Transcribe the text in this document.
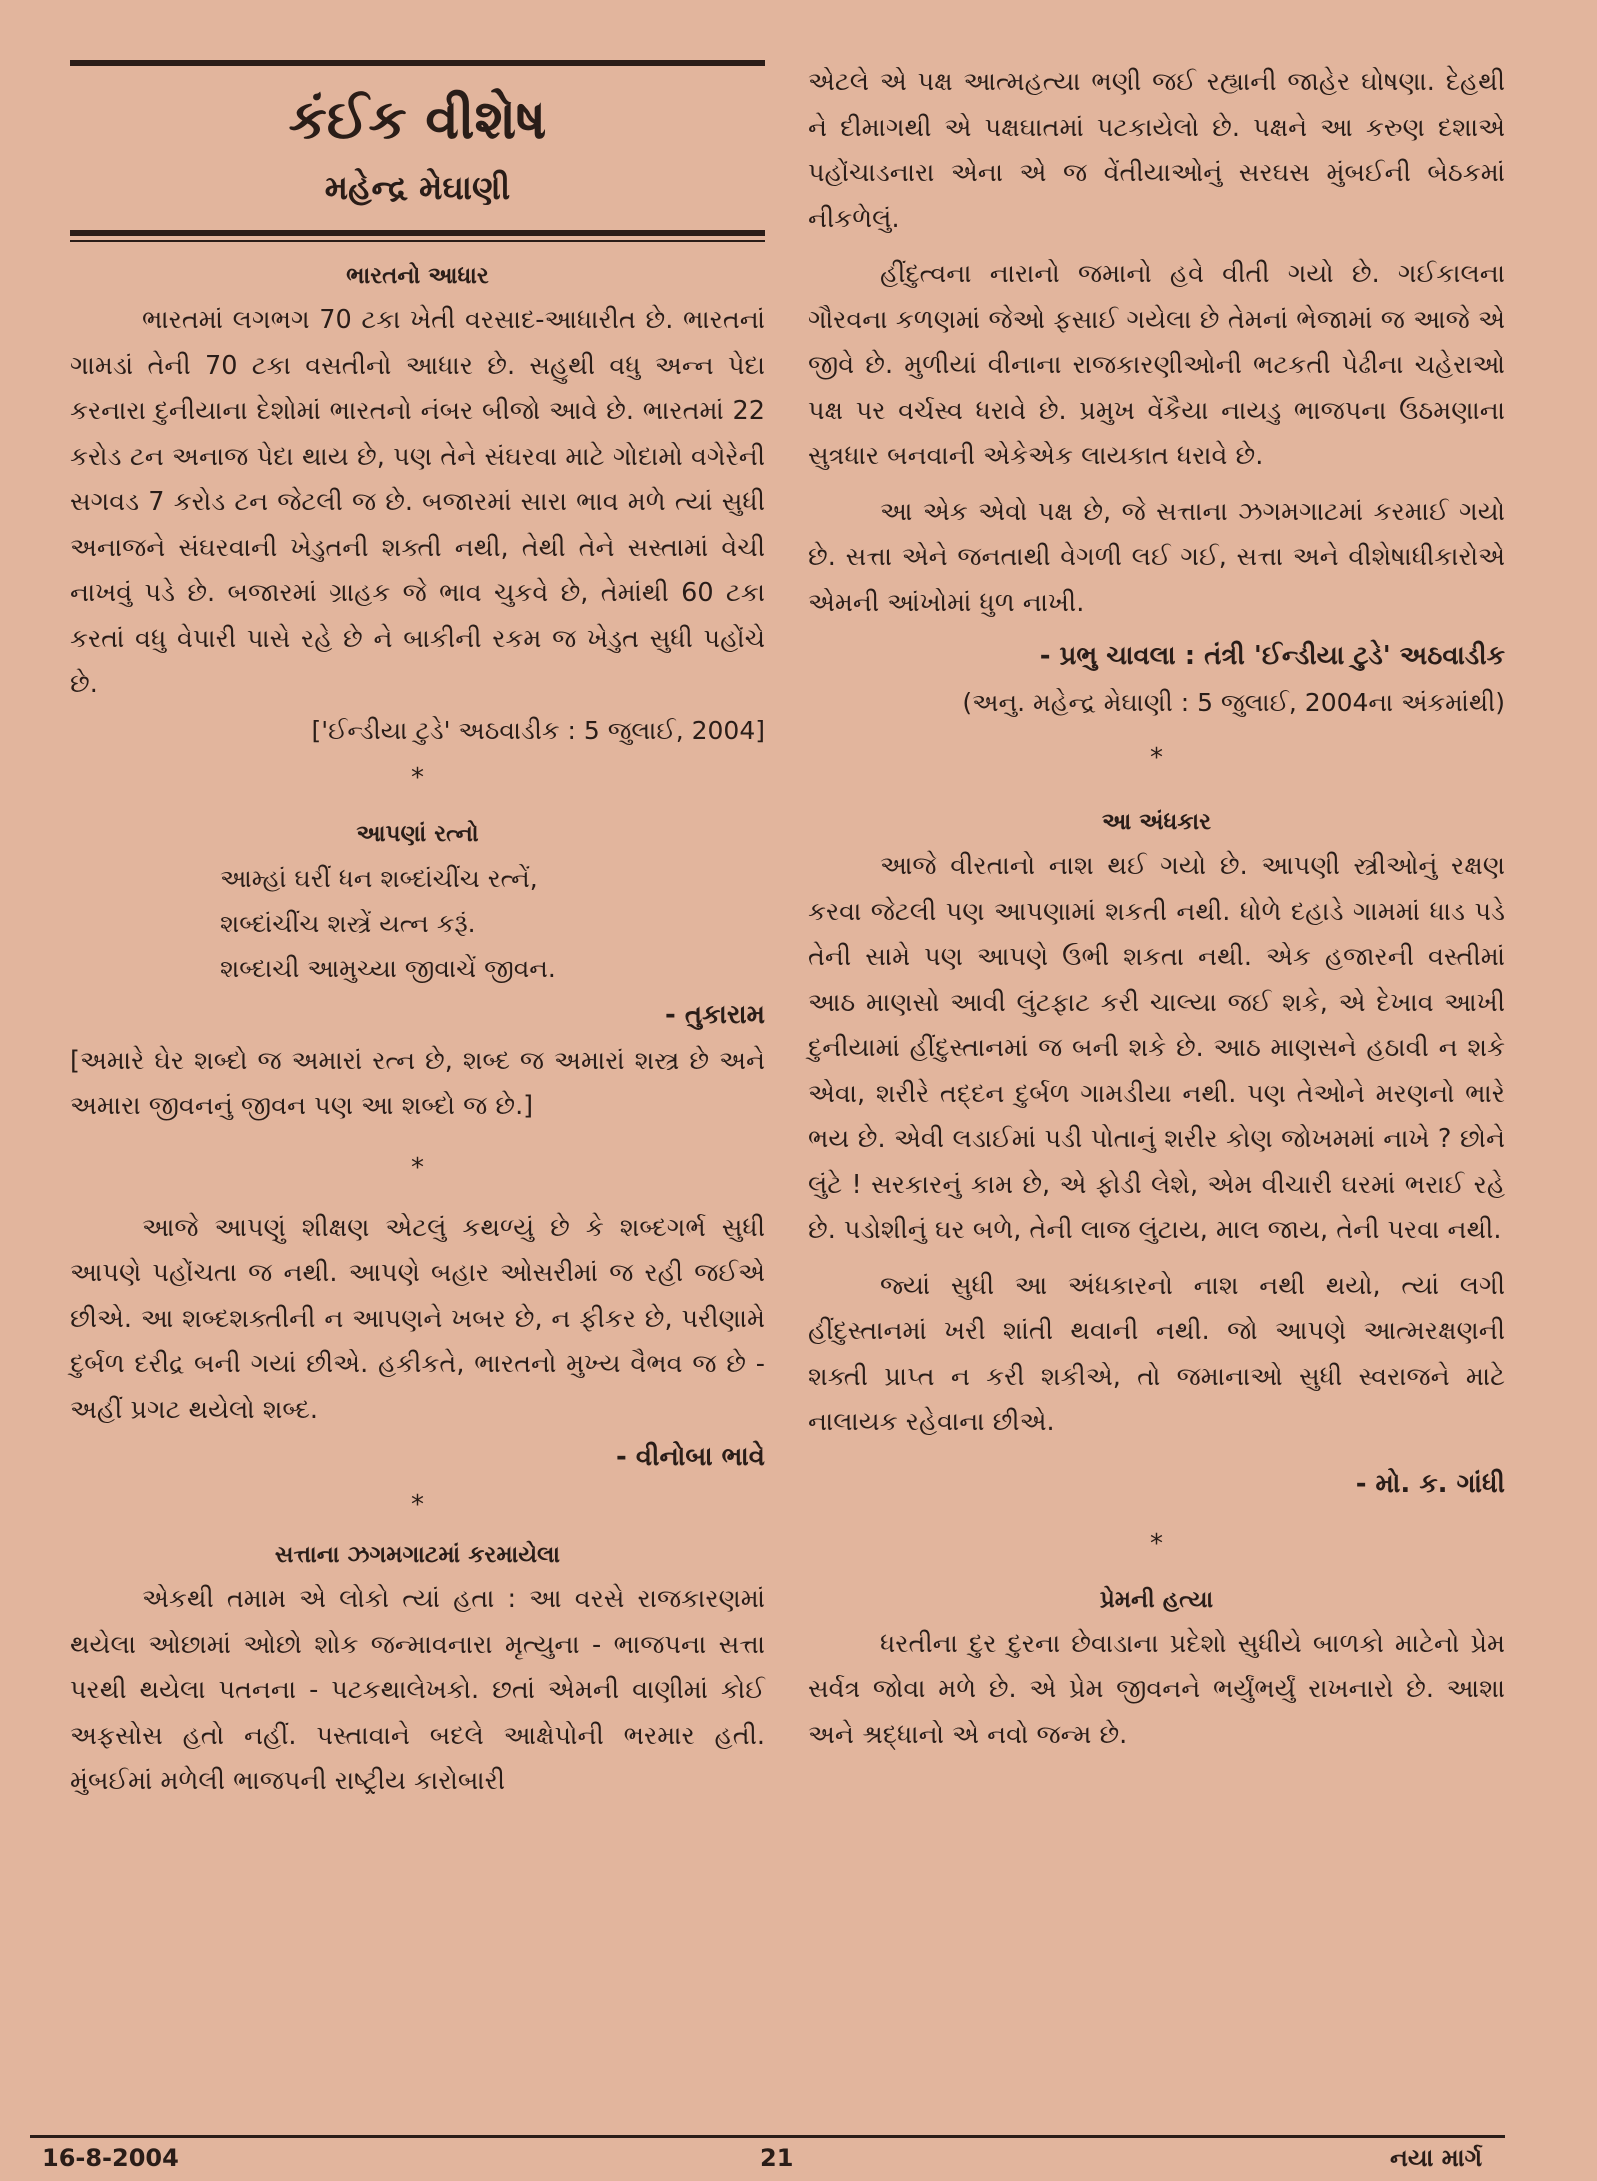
કંઈક વીશેષ
મહેન્દ્ર મેઘાણી
ભારતનો આધાર

ભારતમાં લગભગ 70 ટકા ખેતી વરસાદ-આધારીત છે. ભારતનાં ગામડાં તેની 70 ટકા વસતીનો આધાર છે. સહુથી વધુ અન્ન પેદા કરનારા દુનીયાના દેશોમાં ભારતનો નંબર બીજો આવે છે. ભારતમાં 22 કરોડ ટન અનાજ પેદા થાય છે, પણ તેને સંઘરવા માટે ગોદામો વગેરેની સગવડ 7 કરોડ ટન જેટલી જ છે. બજારમાં સારા ભાવ મળે ત્યાં સુધી અનાજને સંઘરવાની ખેડુતની શક્તી નથી, તેથી તેને સસ્તામાં વેચી નાખવું પડે છે. બજારમાં ગ્રાહક જે ભાવ ચુકવે છે, તેમાંથી 60 ટકા કરતાં વધુ વેપારી પાસે રહે છે ને બાકીની રકમ જ ખેડુત સુધી પહોંચે છે.

['ઈન્ડીયા ટુડે' અઠવાડીક : 5 જુલાઈ, 2004]
*
આપણાં રત્નો
આમ્હાં ઘરીં ધન શબ્દાંચીંચ રત્નેં,
શબ્દાંચીંચ શસ્ત્રેં યત્ન કરૂં.
શબ્દાચી આમુચ્યા જીવાચેં જીવન.
- તુકારામ

[અમારે ઘેર શબ્દો જ અમારાં રત્ન છે, શબ્દ જ અમારાં શસ્ત્ર છે અને અમારા જીવનનું જીવન પણ આ શબ્દો જ છે.]

*

આજે આપણું શીક્ષણ એટલું કથળ્યું છે કે શબ્દગર્ભ સુધી આપણે પહોંચતા જ નથી. આપણે બહાર ઓસરીમાં જ રહી જઈએ છીએ. આ શબ્દશક્તીની ન આપણને ખબર છે, ન ફીકર છે, પરીણામે દુર્બળ દરીદ્ર બની ગયાં છીએ. હકીકતે, ભારતનો મુખ્ય વૈભવ જ છે - અહીં પ્રગટ થયેલો શબ્દ.

- વીનોબા ભાવે
*
સત્તાના ઝગમગાટમાં કરમાયેલા

એકથી તમામ એ લોકો ત્યાં હતા : આ વરસે રાજકારણમાં થયેલા ઓછામાં ઓછો શોક જન્માવનારા મૃત્યુના - ભાજપના સત્તા પરથી થયેલા પતનના - પટકથાલેખકો. છતાં એમની વાણીમાં કોઈ અફસોસ હતો નહીં. પસ્તાવાને બદલે આક્ષેપોની ભરમાર હતી. મુંબઈમાં મળેલી ભાજપની રાષ્ટ્રીય કારોબારી

એટલે એ પક્ષ આત્મહત્યા ભણી જઈ રહ્યાની જાહેર ઘોષણા. દેહથી ને દીમાગથી એ પક્ષઘાતમાં પટકાયેલો છે. પક્ષને આ કરુણ દશાએ પહોંચાડનારા એના એ જ વેંતીયાઓનું સરઘસ મુંબઈની બેઠકમાં નીકળેલું.

હીંદુત્વના નારાનો જમાનો હવે વીતી ગયો છે. ગઈકાલના ગૌરવના કળણમાં જેઓ ફસાઈ ગયેલા છે તેમનાં ભેજામાં જ આજે એ જીવે છે. મુળીયાં વીનાના રાજકારણીઓની ભટકતી પેઢીના ચહેરાઓ પક્ષ પર વર્ચસ્વ ધરાવે છે. પ્રમુખ વેંકૈયા નાયડુ ભાજપના ઉઠમણાના સુત્રધાર બનવાની એકેએક લાયકાત ધરાવે છે.

આ એક એવો પક્ષ છે, જે સત્તાના ઝગમગાટમાં કરમાઈ ગયો છે. સત્તા એને જનતાથી વેગળી લઈ ગઈ, સત્તા અને વીશેષાધીકારોએ એમની આંખોમાં ધુળ નાખી.

- પ્રભુ ચાવલા : તંત્રી 'ઈન્ડીયા ટુડે' અઠવાડીક
(અનુ. મહેન્દ્ર મેઘાણી : 5 જુલાઈ, 2004ના અંકમાંથી)
*
આ અંધકાર

આજે વીરતાનો નાશ થઈ ગયો છે. આપણી સ્ત્રીઓનું રક્ષણ કરવા જેટલી પણ આપણામાં શકતી નથી. ધોળે દહાડે ગામમાં ધાડ પડે તેની સામે પણ આપણે ઉભી શકતા નથી. એક હજારની વસ્તીમાં આઠ માણસો આવી લુંટફાટ કરી ચાલ્યા જઈ શકે, એ દેખાવ આખી દુનીયામાં હીંદુસ્તાનમાં જ બની શકે છે. આઠ માણસને હઠાવી ન શકે એવા, શરીરે તદ્દન દુર્બળ ગામડીયા નથી. પણ તેઓને મરણનો ભારે ભય છે. એવી લડાઈમાં પડી પોતાનું શરીર કોણ જોખમમાં નાખે ? છોને લુંટે ! સરકારનું કામ છે, એ ફોડી લેશે, એમ વીચારી ઘરમાં ભરાઈ રહે છે. પડોશીનું ઘર બળે, તેની લાજ લુંટાય, માલ જાય, તેની પરવા નથી.

જ્યાં સુધી આ અંધકારનો નાશ નથી થયો, ત્યાં લગી હીંદુસ્તાનમાં ખરી શાંતી થવાની નથી. જો આપણે આત્મરક્ષણની શક્તી પ્રાપ્ત ન કરી શકીએ, તો જમાનાઓ સુધી સ્વરાજને માટે નાલાયક રહેવાના છીએ.

- મો. ક. ગાંધી
*
પ્રેમની હત્યા

ધરતીના દુર દુરના છેવાડાના પ્રદેશો સુધીયે બાળકો માટેનો પ્રેમ સર્વત્ર જોવા મળે છે. એ પ્રેમ જીવનને ભર્યુંભર્યું રાખનારો છે. આશા અને શ્રદ્ધાનો એ નવો જન્મ છે.

16-8-2004	21	નયા માર્ગ
